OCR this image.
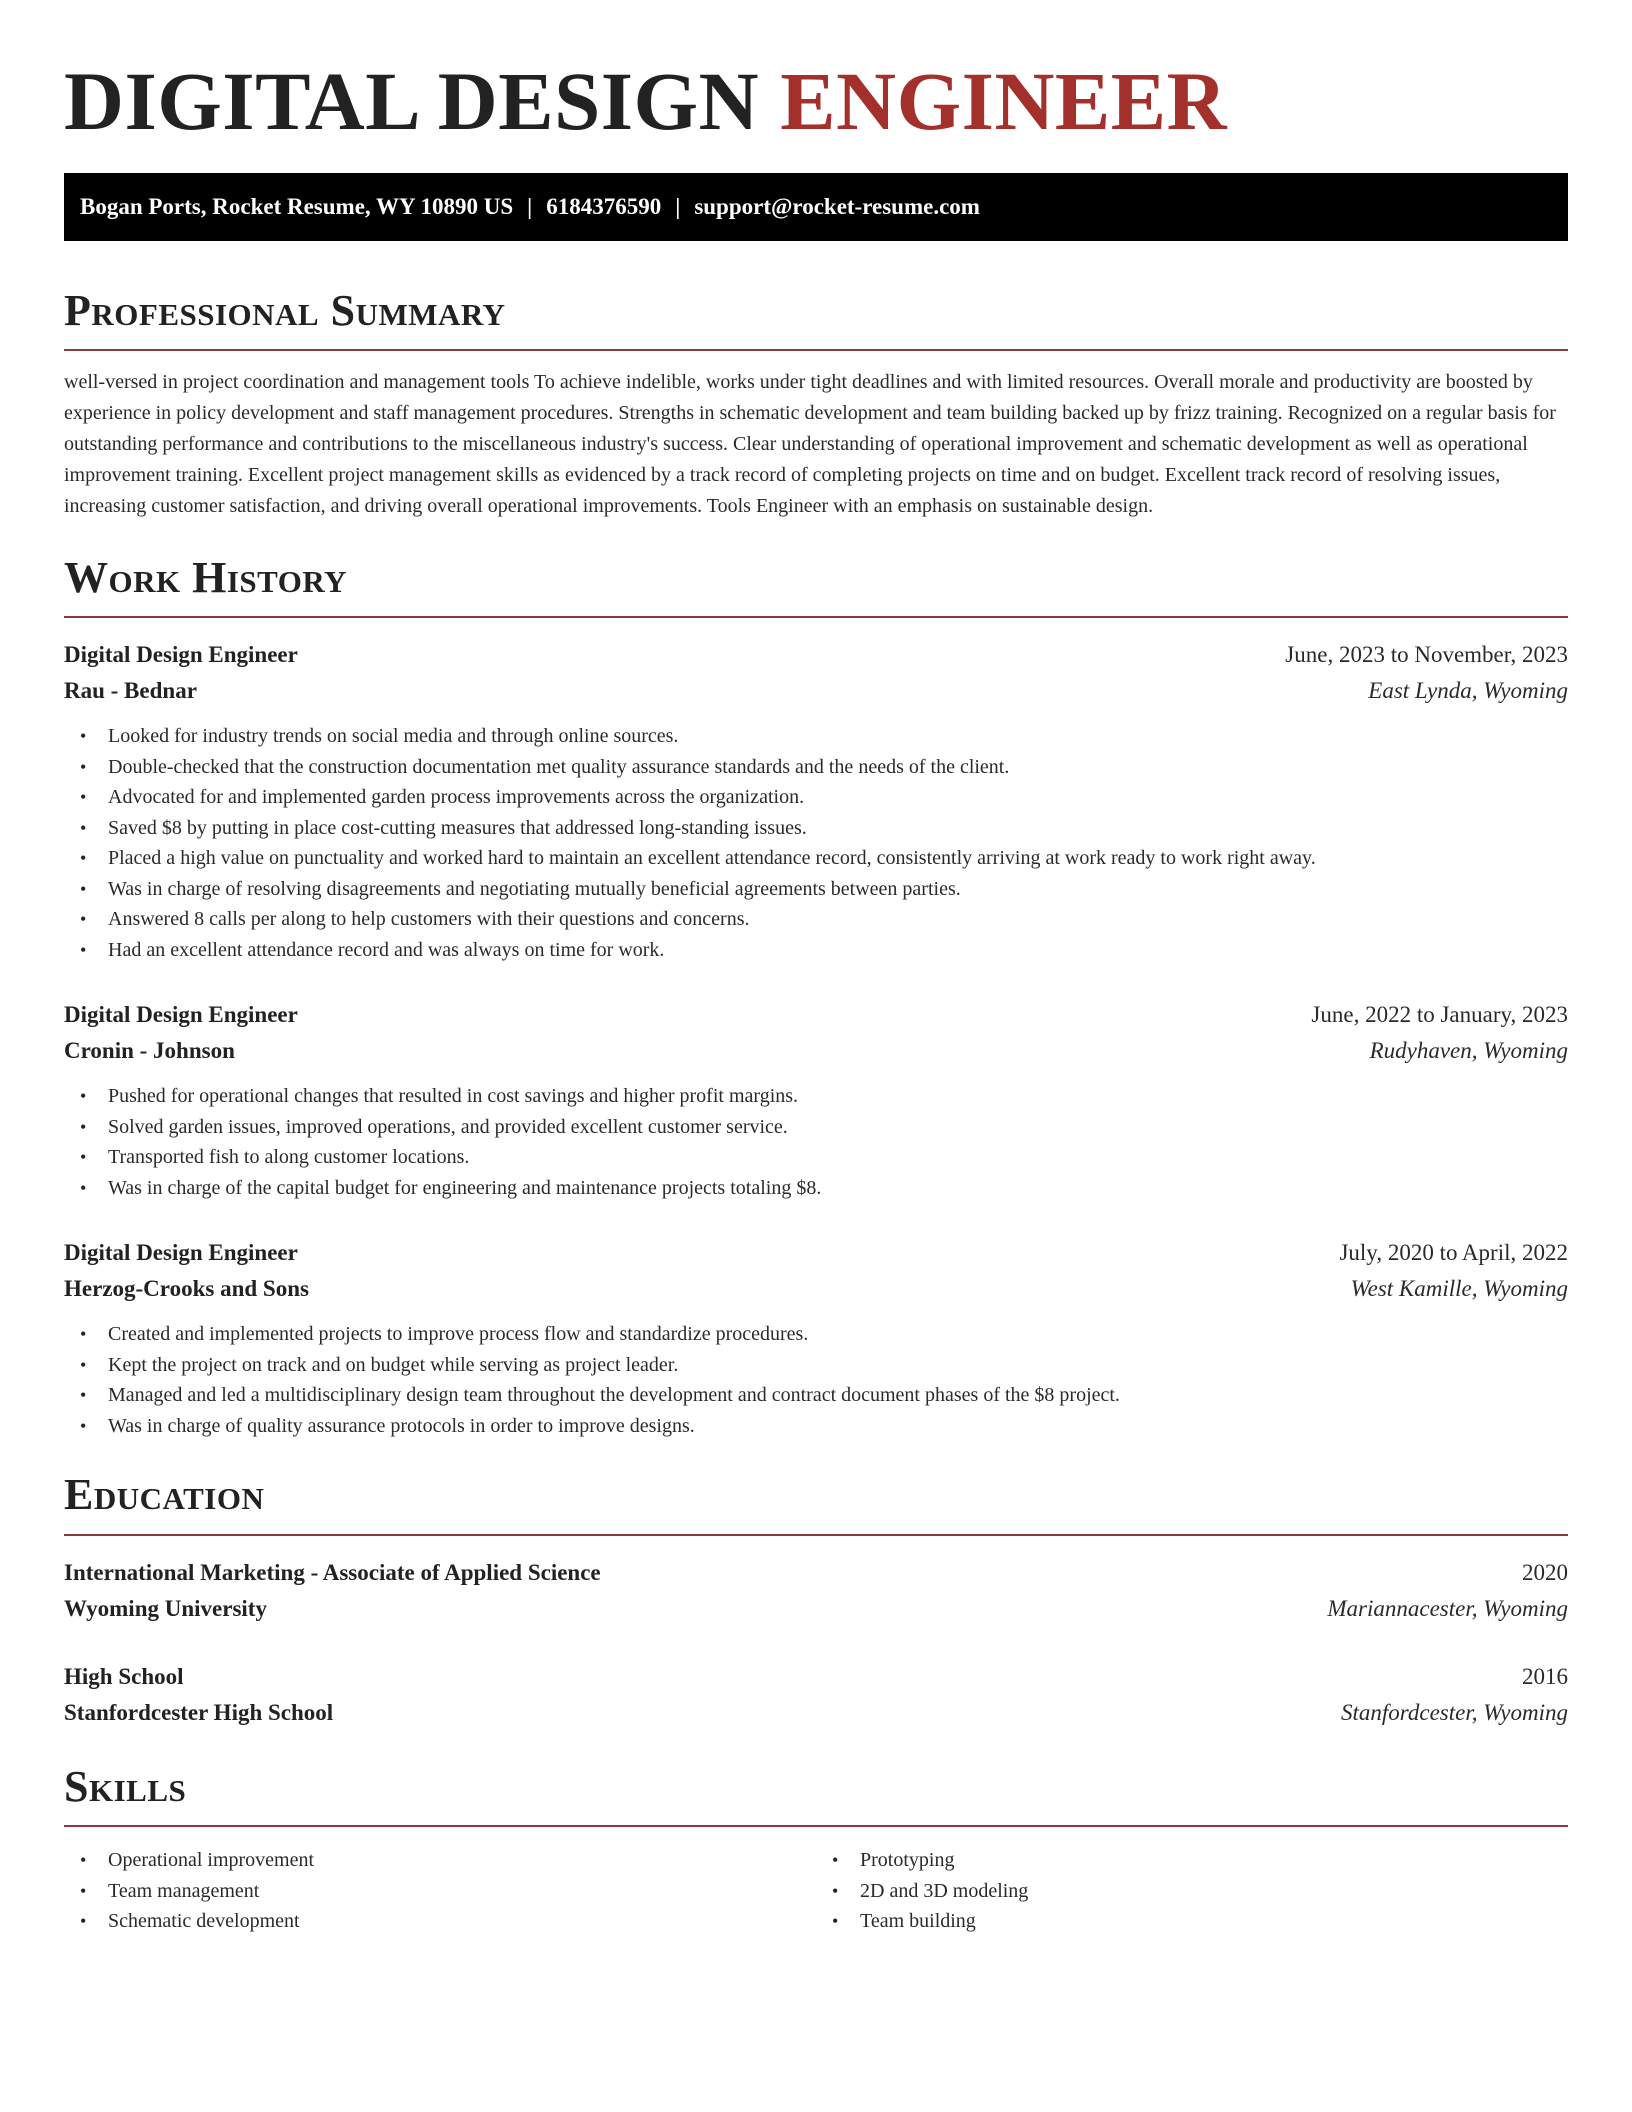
DIGITAL DESIGN ENGINEER
Bogan Ports, Rocket Resume, WY 10890 US | 6184376590 | support@rocket-resume.com
Professional Summary

well-versed in project coordination and management tools To achieve indelible, works under tight deadlines and with limited resources. Overall morale and productivity are boosted by experience in policy development and staff management procedures. Strengths in schematic development and team building backed up by frizz training. Recognized on a regular basis for outstanding performance and contributions to the miscellaneous industry's success. Clear understanding of operational improvement and schematic development as well as operational improvement training. Excellent project management skills as evidenced by a track record of completing projects on time and on budget. Excellent track record of resolving issues, increasing customer satisfaction, and driving overall operational improvements. Tools Engineer with an emphasis on sustainable design.

Work History
Digital Design Engineer	June, 2023 to November, 2023
Rau - Bednar	East Lynda, Wyoming
• Looked for industry trends on social media and through online sources.
• Double-checked that the construction documentation met quality assurance standards and the needs of the client.
• Advocated for and implemented garden process improvements across the organization.
• Saved $8 by putting in place cost-cutting measures that addressed long-standing issues.
• Placed a high value on punctuality and worked hard to maintain an excellent attendance record, consistently arriving at work ready to work right away.
• Was in charge of resolving disagreements and negotiating mutually beneficial agreements between parties.
• Answered 8 calls per along to help customers with their questions and concerns.
• Had an excellent attendance record and was always on time for work.
Digital Design Engineer	June, 2022 to January, 2023
Cronin - Johnson	Rudyhaven, Wyoming
• Pushed for operational changes that resulted in cost savings and higher profit margins.
• Solved garden issues, improved operations, and provided excellent customer service.
• Transported fish to along customer locations.
• Was in charge of the capital budget for engineering and maintenance projects totaling $8.
Digital Design Engineer	July, 2020 to April, 2022
Herzog-Crooks and Sons	West Kamille, Wyoming
• Created and implemented projects to improve process flow and standardize procedures.
• Kept the project on track and on budget while serving as project leader.
• Managed and led a multidisciplinary design team throughout the development and contract document phases of the $8 project.
• Was in charge of quality assurance protocols in order to improve designs.
Education
International Marketing - Associate of Applied Science	2020
Wyoming University	Mariannacester, Wyoming
High School	2016
Stanfordcester High School	Stanfordcester, Wyoming
Skills
• Operational improvement
• Team management
• Schematic development
• Prototyping
• 2D and 3D modeling
• Team building
